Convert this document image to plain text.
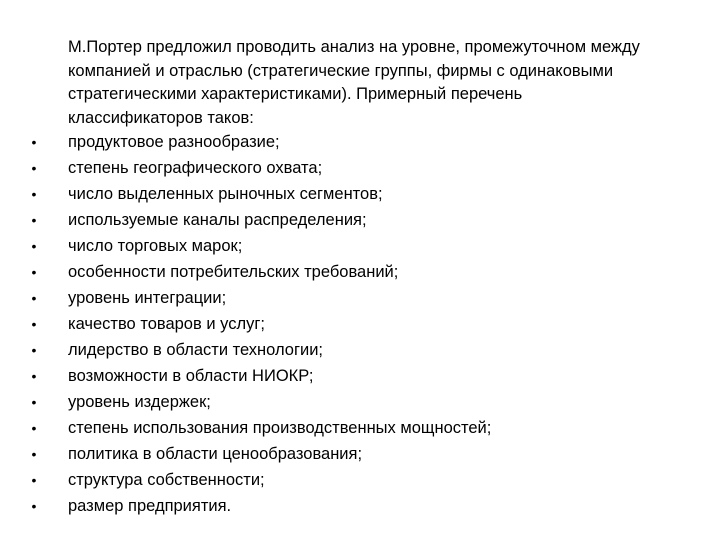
М.Портер предложил проводить анализ на уровне, промежуточном между компанией и отраслью (стратегические группы, фирмы с одинаковыми стратегическими характеристиками). Примерный перечень классификаторов таков:

• продуктовое разнообразие;
• степень географического охвата;
• число выделенных рыночных сегментов;
• используемые каналы распределения;
• число торговых марок;
• особенности потребительских требований;
• уровень интеграции;
• качество товаров и услуг;
• лидерство в области технологии;
• возможности в области НИОКР;
• уровень издержек;
• степень использования производственных мощностей;
• политика в области ценообразования;
• структура собственности;
• размер предприятия.
